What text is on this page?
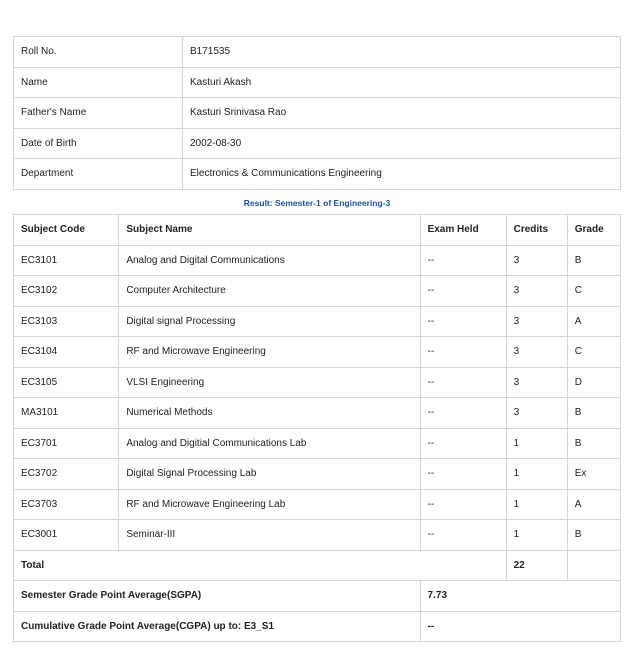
Roll No.	B171535
Name	Kasturi Akash
Father's Name	Kasturi Srinivasa Rao
Date of Birth	2002-08-30
Department	Electronics & Communications Engineering
Result: Semester-1 of Engineering-3
Subject Code	Subject Name	Exam Held	Credits	Grade
EC3101	Analog and Digital Communications	--	3	B
EC3102	Computer Architecture	--	3	C
EC3103	Digital signal Processing	--	3	A
EC3104	RF and Microwave Engineering	--	3	C
EC3105	VLSI Engineering	--	3	D
MA3101	Numerical Methods	--	3	B
EC3701	Analog and Digitial Communications Lab	--	1	B
EC3702	Digital Signal Processing Lab	--	1	Ex
EC3703	RF and Microwave Engineering Lab	--	1	A
EC3001	Seminar-III	--	1	B
Total			22	
Semester Grade Point Average(SGPA)		7.73		
Cumulative Grade Point Average(CGPA) up to: E3_S1		--		
